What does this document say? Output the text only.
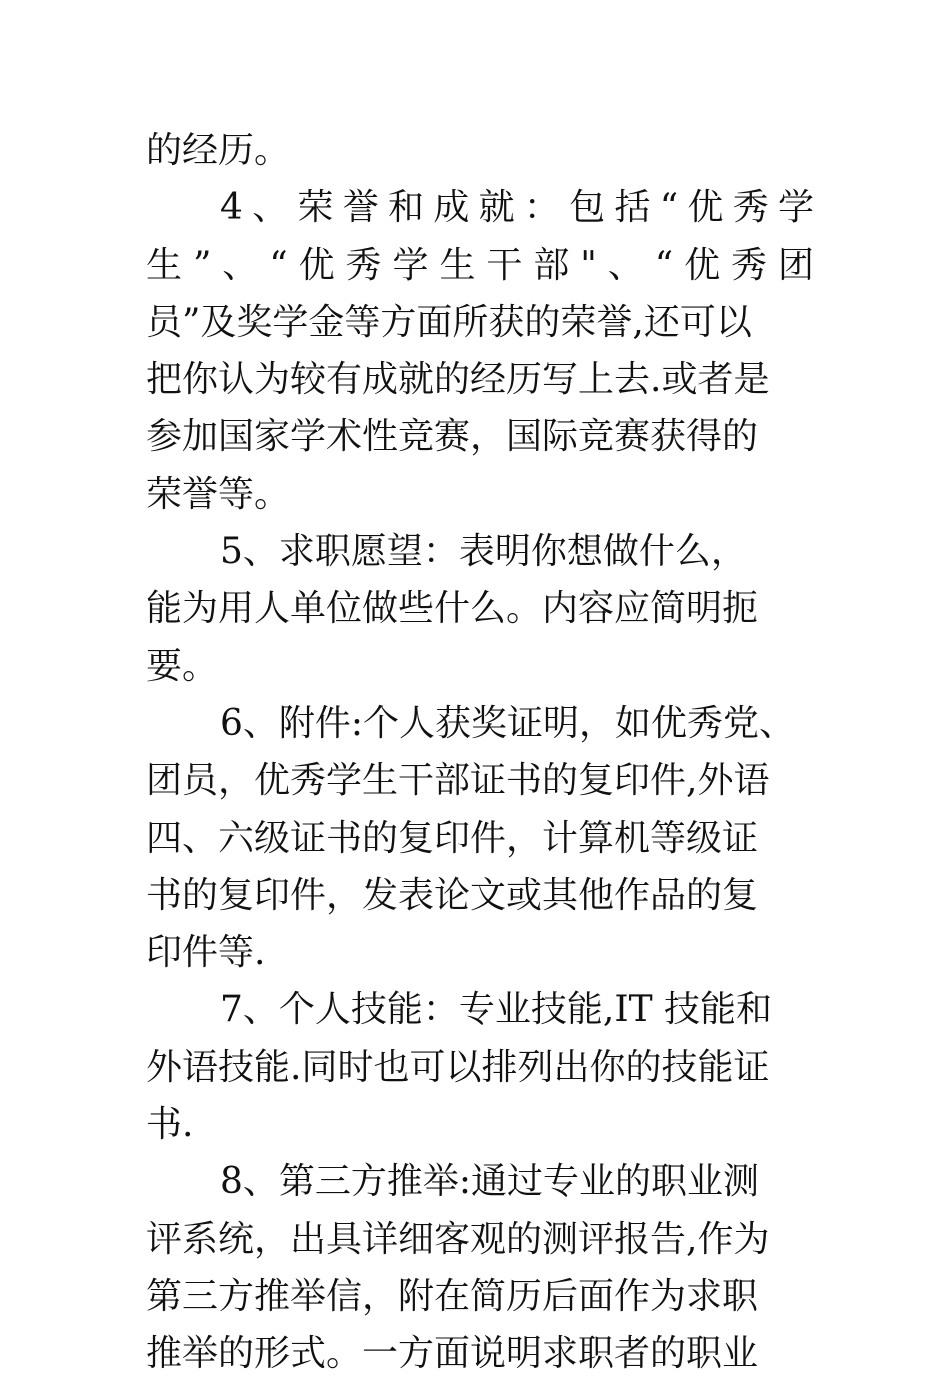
的经历。
4、荣誉和成就：包括“优秀学
生”、“优秀学生干部"、“优秀团
员”及奖学金等方面所获的荣誉,还可以
把你认为较有成就的经历写上去.或者是
参加国家学术性竞赛，国际竞赛获得的
荣誉等。
5、求职愿望：表明你想做什么，
能为用人单位做些什么。内容应简明扼
要。
6、附件:个人获奖证明，如优秀党、
团员，优秀学生干部证书的复印件,外语
四、六级证书的复印件，计算机等级证
书的复印件，发表论文或其他作品的复
印件等.
7、个人技能：专业技能,IT 技能和
外语技能.同时也可以排列出你的技能证
书.
8、第三方推举:通过专业的职业测
评系统，出具详细客观的测评报告,作为
第三方推举信，附在简历后面作为求职
推举的形式。一方面说明求职者的职业
